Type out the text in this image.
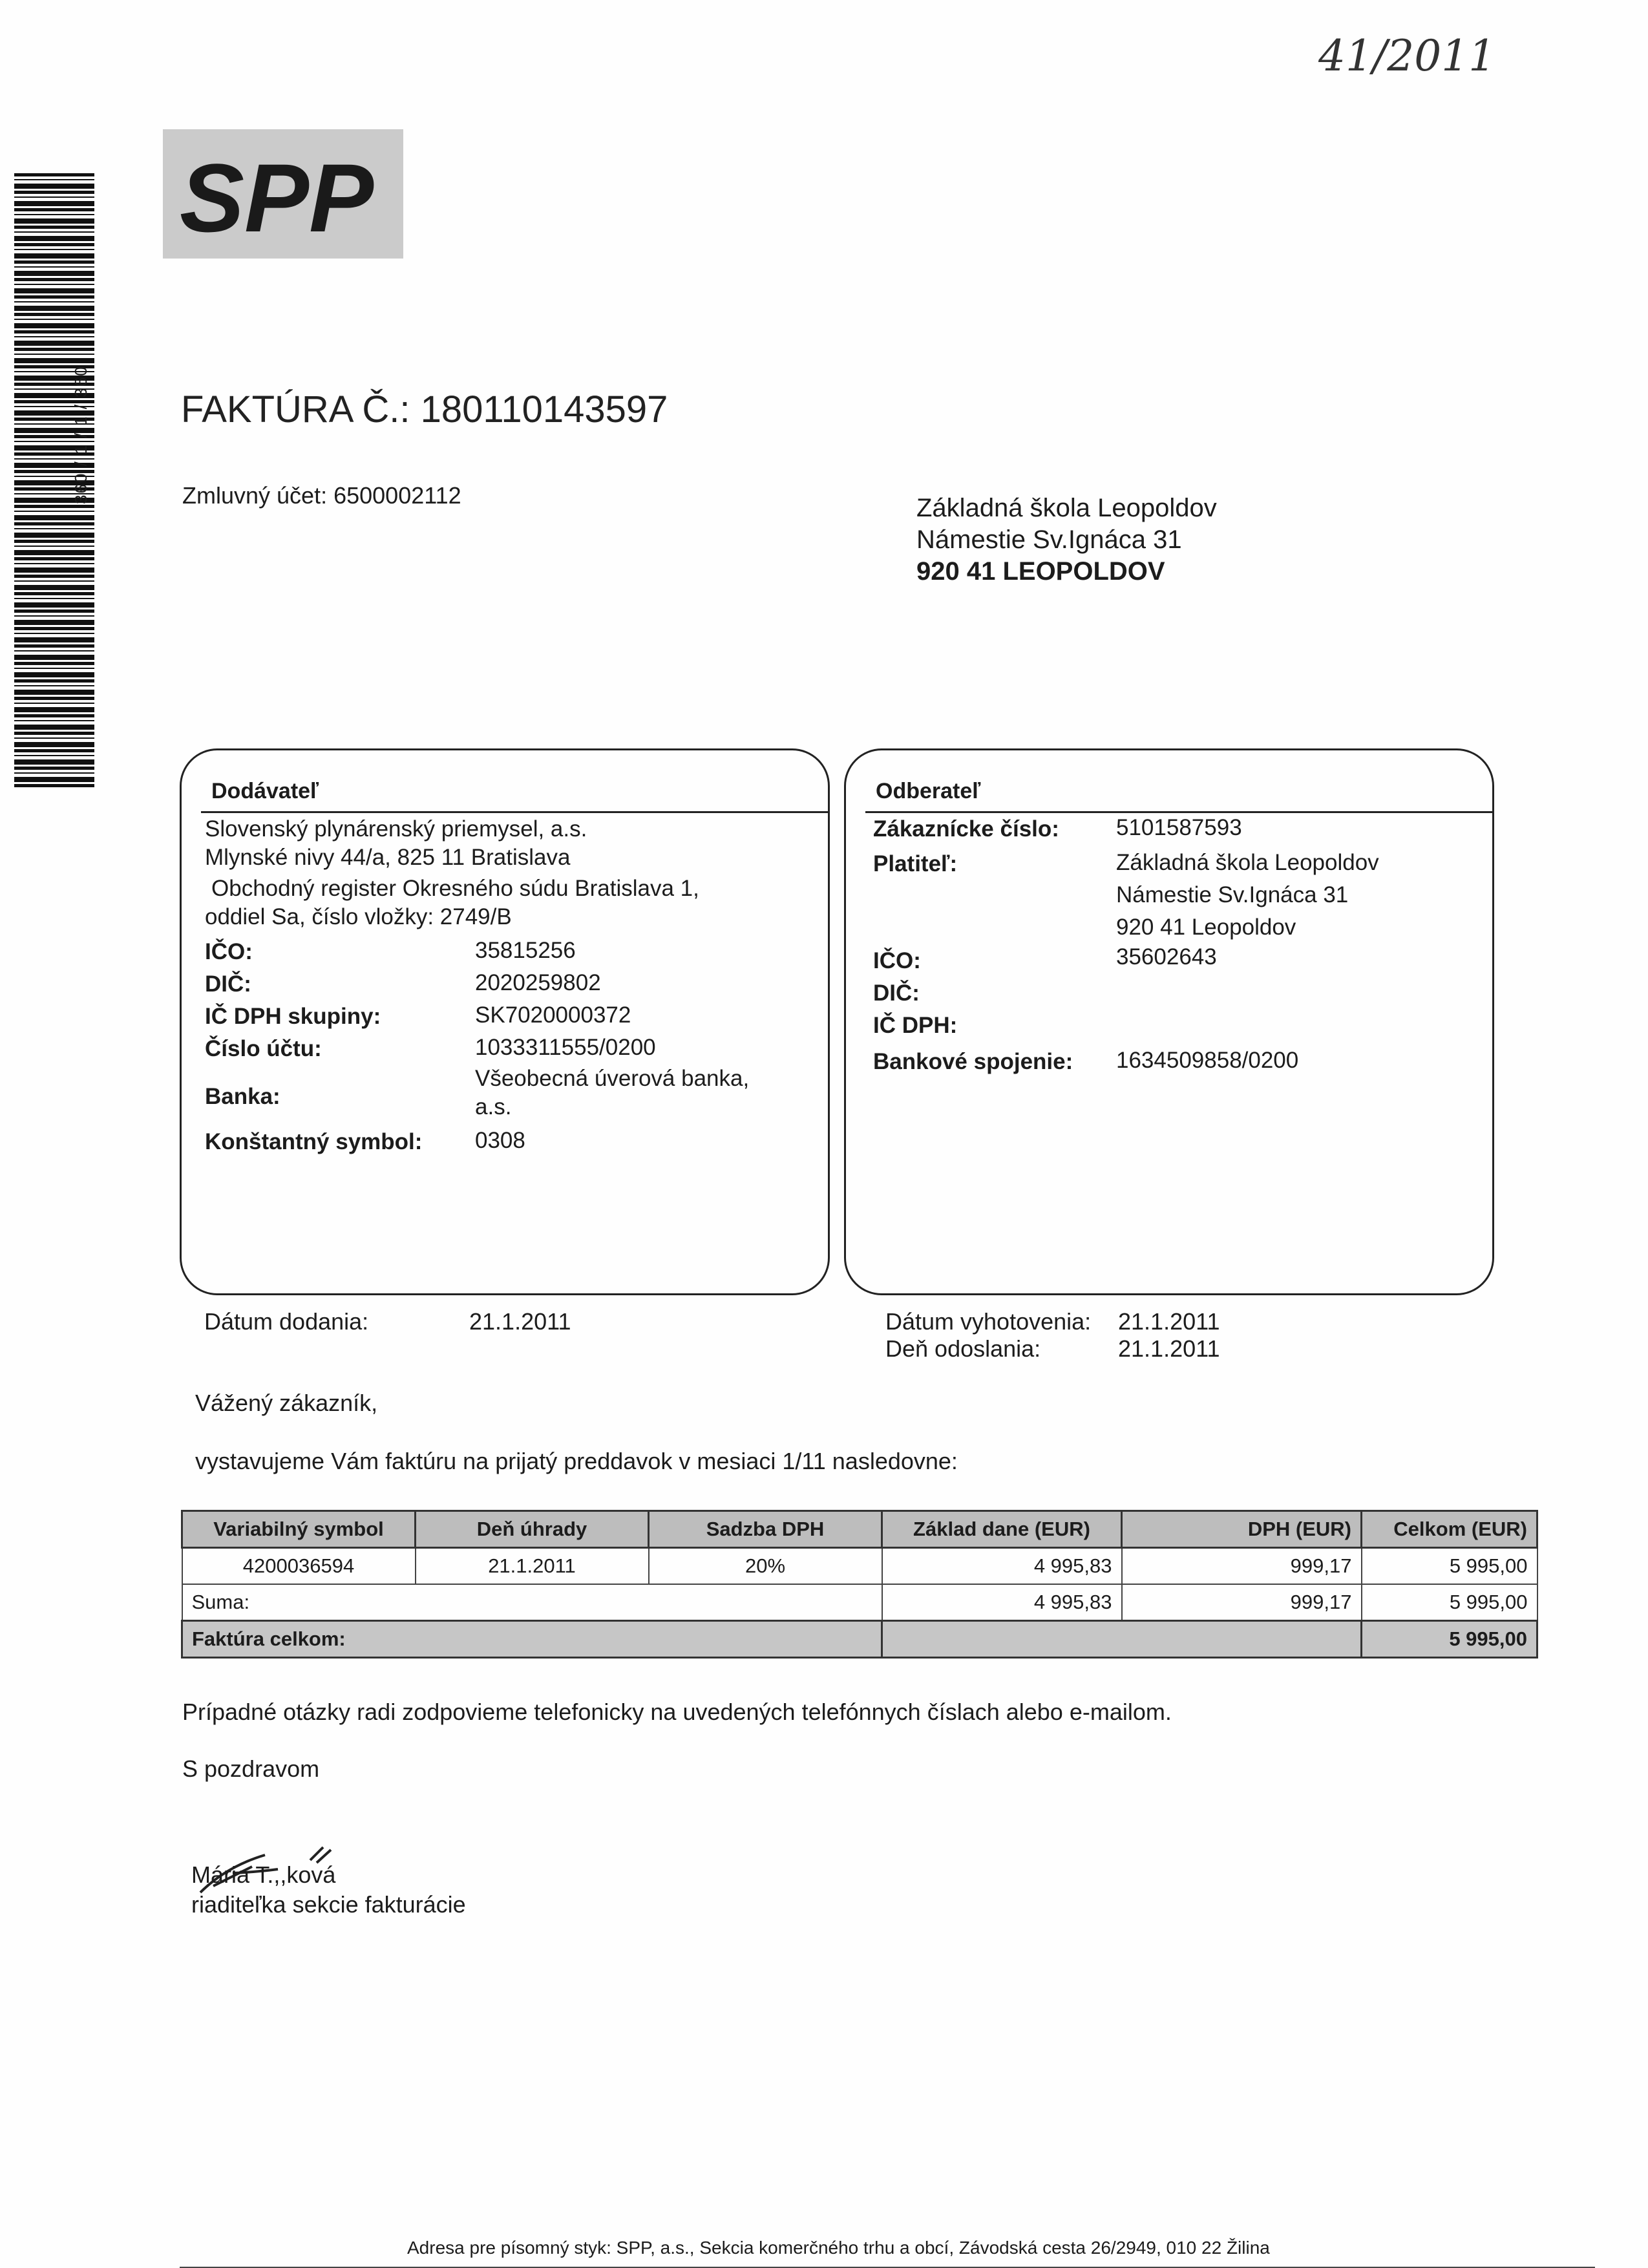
360 / 1 / 1 / 360
41/2011
SPP
FAKTÚRA Č.: 180110143597
Zmluvný účet: 6500002112	Základná škola Leopoldov
Námestie Sv.Ignáca 31
920 41 LEOPOLDOV
Dodávateľ
Slovenský plynárenský priemysel, a.s.
Mlynské nivy 44/a, 825 11 Bratislava
Obchodný register Okresného súdu Bratislava 1,
oddiel Sa, číslo vložky: 2749/B
IČO:	35815256
DIČ:	2020259802
IČ DPH skupiny:	SK7020000372
Číslo účtu:	1033311555/0200
Banka:
Všeobecná úverová banka,
a.s.
Konštantný symbol: 0308
Odberateľ
Zákaznícke číslo:	5101587593
Platiteľ:	Základná škola Leopoldov
Námestie Sv.Ignáca 31
920 41 Leopoldov
IČO:	35602643
DIČ:
IČ DPH:
Bankové spojenie: 1634509858/0200
Dátum dodania:	21.1.2011	Dátum vyhotovenia: 21.1.2011
Deň odoslania:	21.1.2011
Vážený zákazník,
vystavujeme Vám faktúru na prijatý preddavok v mesiaci 1/11 nasledovne:
Variabilný symbol	Deň úhrady	Sadzba DPH	Základ dane (EUR)	DPH (EUR)	Celkom (EUR)
4200036594	21.1.2011	20%	4 995,83	999,17	5 995,00
Suma:			4 995,83	999,17	5 995,00
Faktúra celkom:					5 995,00
Prípadné otázky radi zodpovieme telefonicky na uvedených telefónnych číslach alebo e-mailom.
S pozdravom
Mária T.,,ková
riaditeľka sekcie fakturácie
Adresa pre písomný styk: SPP, a.s., Sekcia komerčného trhu a obcí, Závodská cesta 26/2949, 010 22 Žilina
